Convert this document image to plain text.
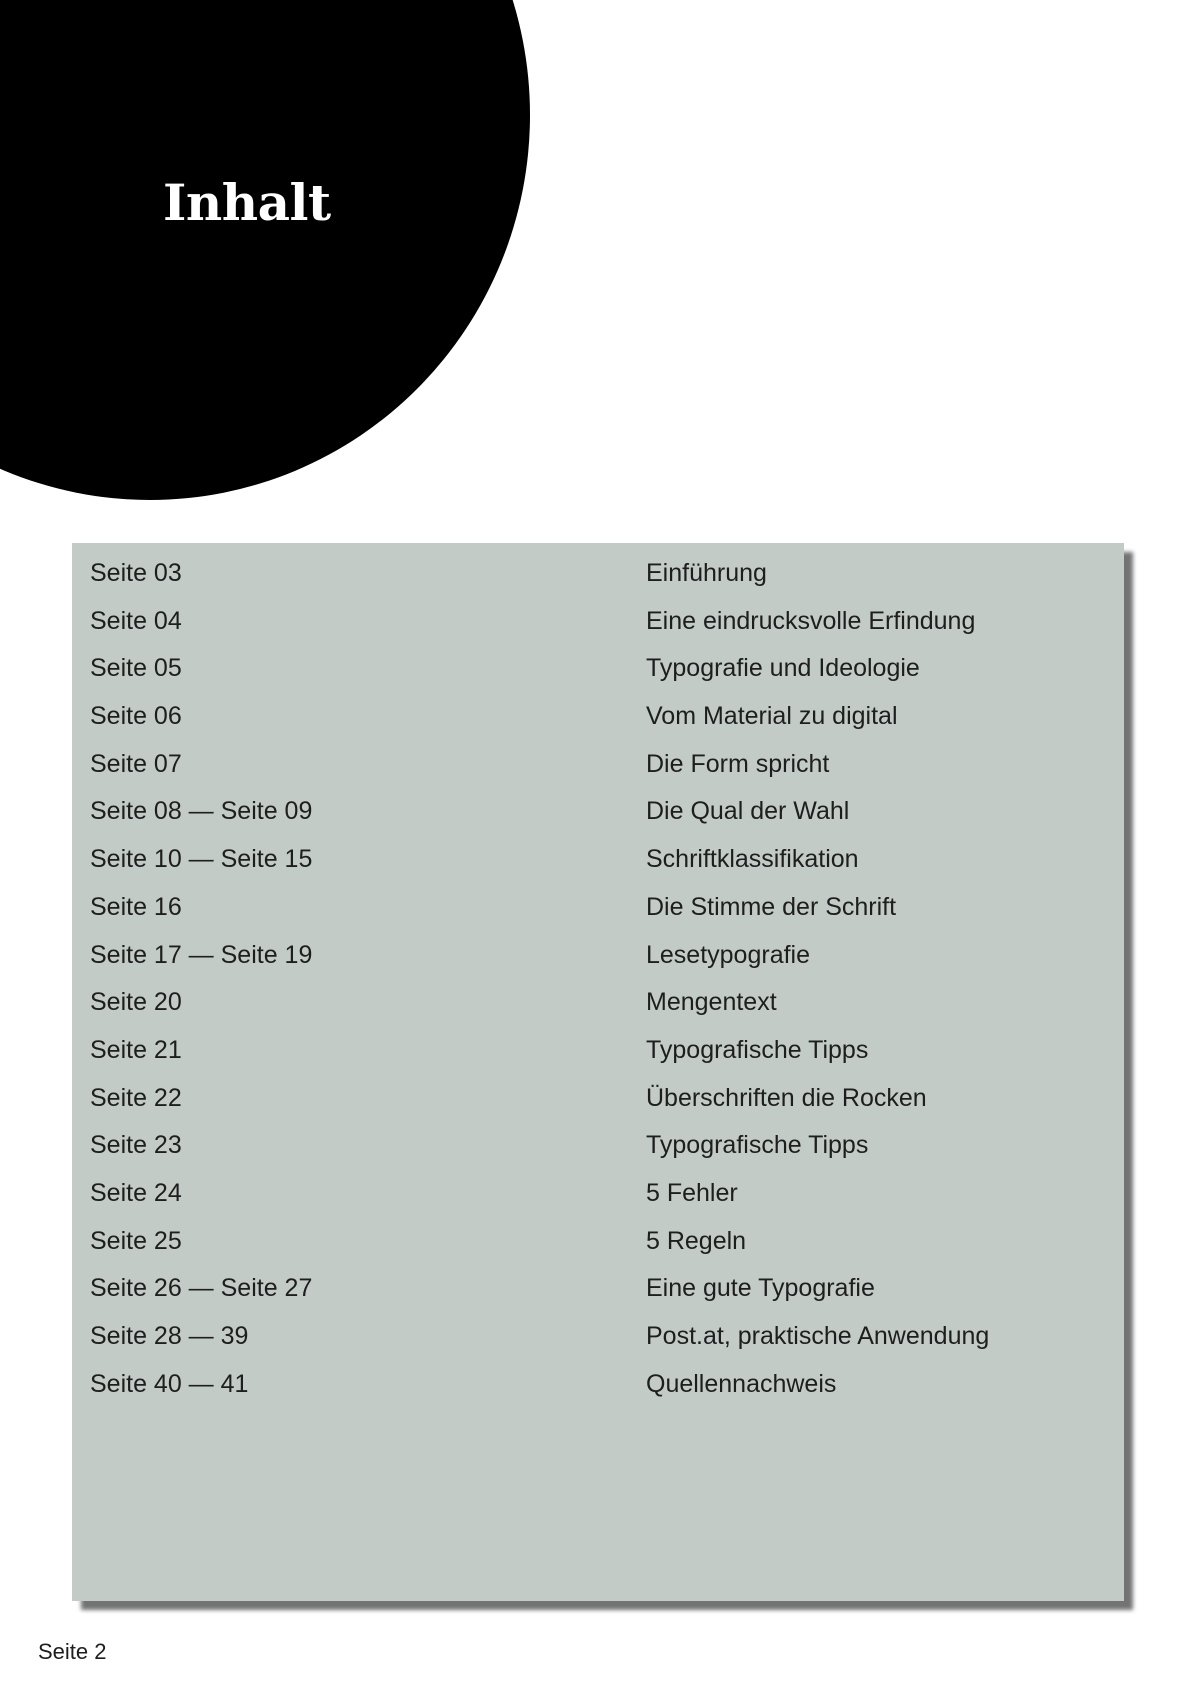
Inhalt
Seite 03	Einführung
Seite 04	Eine eindrucksvolle Erfindung
Seite 05	Typografie und Ideologie
Seite 06	Vom Material zu digital
Seite 07	Die Form spricht
Seite 08 — Seite 09	Die Qual der Wahl
Seite 10 — Seite 15	Schriftklassifikation
Seite 16	Die Stimme der Schrift
Seite 17 — Seite 19	Lesetypografie
Seite 20	Mengentext
Seite 21	Typografische Tipps
Seite 22	Überschriften die Rocken
Seite 23	Typografische Tipps
Seite 24	5 Fehler
Seite 25	5 Regeln
Seite 26 — Seite 27	Eine gute Typografie
Seite 28 — 39	Post.at, praktische Anwendung
Seite 40 — 41	Quellennachweis
Seite 2
